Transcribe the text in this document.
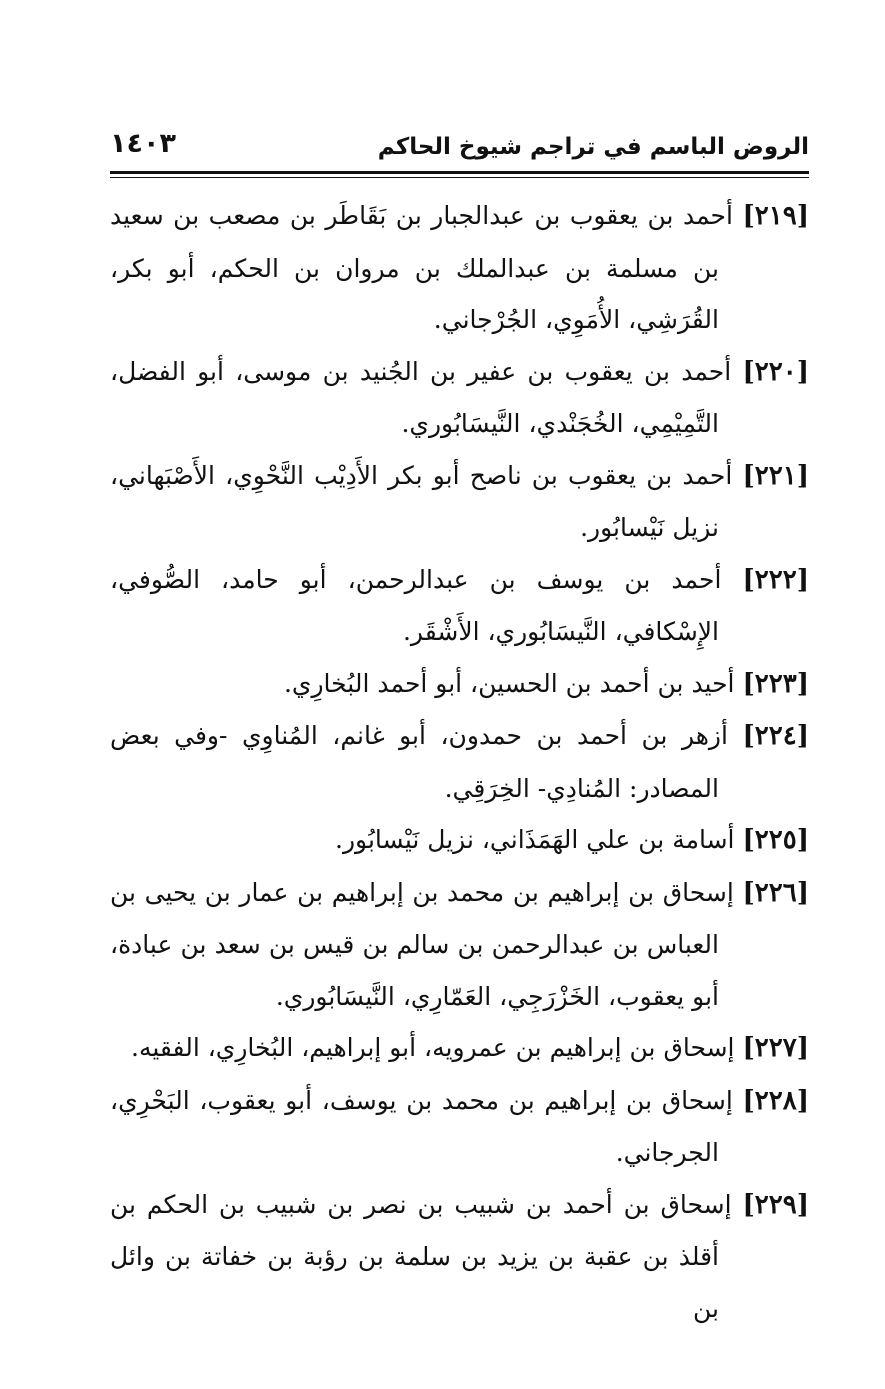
الروض الباسم في تراجم شيوخ الحاكم
١٤٠٣

[٢١٩] أحمد بن يعقوب بن عبدالجبار بن بَقَاطَر بن مصعب بن سعيد بن مسلمة بن عبدالملك بن مروان بن الحكم، أبو بكر، القُرَشِي، الأُمَوِي، الجُرْجاني.

[٢٢٠] أحمد بن يعقوب بن عفير بن الجُنيد بن موسى، أبو الفضل، التَّمِيْمِي، الخُجَنْدي، النَّيسَابُوري.

[٢٢١] أحمد بن يعقوب بن ناصح أبو بكر الأَدِيْب النَّحْوِي، الأَصْبَهاني، نزيل نَيْسابُور.

[٢٢٢] أحمد بن يوسف بن عبدالرحمن، أبو حامد، الصُّوفي، الإِسْكافي، النَّيسَابُوري، الأَشْقَر.

[٢٢٣] أحيد بن أحمد بن الحسين، أبو أحمد البُخارِي.

[٢٢٤] أزهر بن أحمد بن حمدون، أبو غانم، المُناوِي -وفي بعض المصادر: المُنادِي- الخِرَقِي.

[٢٢٥] أسامة بن علي الهَمَذَاني، نزيل نَيْسابُور.

[٢٢٦] إسحاق بن إبراهيم بن محمد بن إبراهيم بن عمار بن يحيى بن العباس بن عبدالرحمن بن سالم بن قيس بن سعد بن عبادة، أبو يعقوب، الخَزْرَجِي، العَمّارِي، النَّيسَابُوري.

[٢٢٧] إسحاق بن إبراهيم بن عمرويه، أبو إبراهيم، البُخارِي، الفقيه.

[٢٢٨] إسحاق بن إبراهيم بن محمد بن يوسف، أبو يعقوب، البَحْرِي، الجرجاني.

[٢٢٩] إسحاق بن أحمد بن شبيب بن نصر بن شبيب بن الحكم بن أقلذ بن عقبة بن يزيد بن سلمة بن رؤبة بن خفاتة بن وائل بن
